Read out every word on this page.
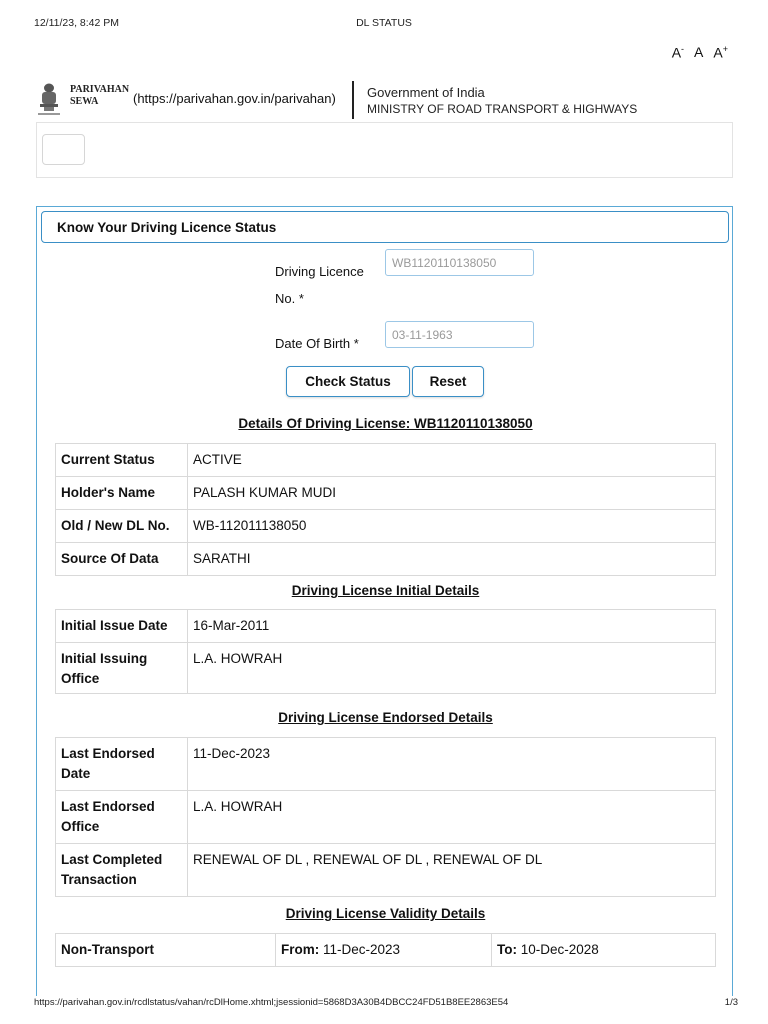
12/11/23, 8:42 PM	DL STATUS
A- A A+
PARIVAHAN
SEWA	(https://parivahan.gov.in/parivahan) Government of India
MINISTRY OF ROAD TRANSPORT & HIGHWAYS
Know Your Driving Licence Status
Driving Licence
No. *
WB1120110138050
Date Of Birth *
03-11-1963
Check Status	Reset
Details Of Driving License: WB1120110138050
Current Status	ACTIVE
Holder's Name	PALASH KUMAR MUDI
Old / New DL No.	WB-112011138050
Source Of Data	SARATHI
Driving License Initial Details
Initial Issue Date	16-Mar-2011
Initial Issuing Office	L.A. HOWRAH
Driving License Endorsed Details
Last Endorsed Date	11-Dec-2023
Last Endorsed Office	L.A. HOWRAH
Last Completed Transaction	RENEWAL OF DL , RENEWAL OF DL , RENEWAL OF DL
Driving License Validity Details
Non-Transport	From: 11-Dec-2023	To: 10-Dec-2028
https://parivahan.gov.in/rcdlstatus/vahan/rcDlHome.xhtml;jsessionid=5868D3A30B4DBCC24FD51B8EE2863E54	1/3
